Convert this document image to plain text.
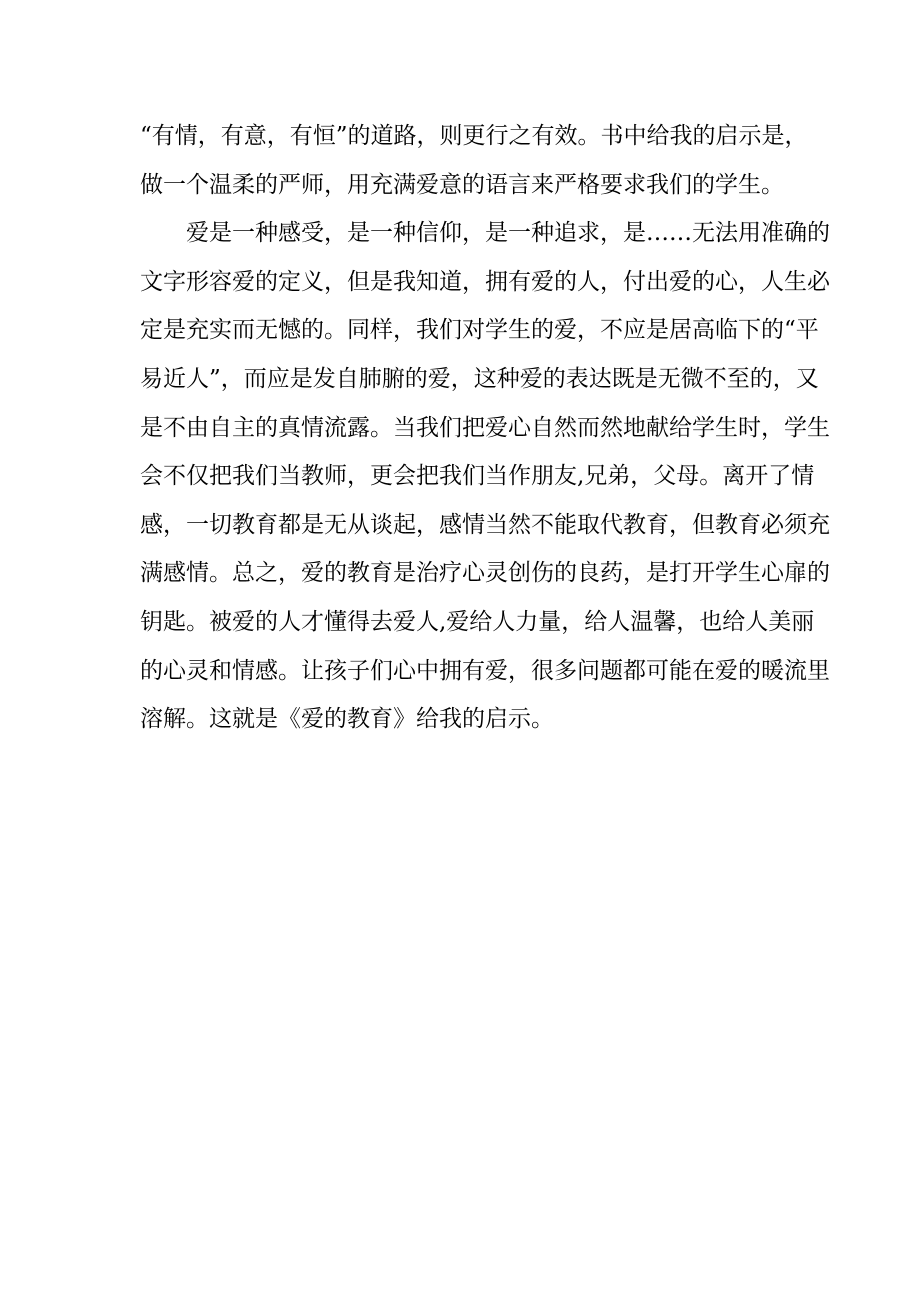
“有情，有意，有恒”的道路，则更行之有效。书中给我的启示是，
做一个温柔的严师，用充满爱意的语言来严格要求我们的学生。
爱是一种感受，是一种信仰，是一种追求，是……无法用准确的
文字形容爱的定义，但是我知道，拥有爱的人，付出爱的心，人生必
定是充实而无憾的。同样，我们对学生的爱，不应是居高临下的“平
易近人”，而应是发自肺腑的爱，这种爱的表达既是无微不至的，又
是不由自主的真情流露。当我们把爱心自然而然地献给学生时，学生
会不仅把我们当教师，更会把我们当作朋友,兄弟，父母。离开了情
感，一切教育都是无从谈起，感情当然不能取代教育，但教育必须充
满感情。总之，爱的教育是治疗心灵创伤的良药，是打开学生心扉的
钥匙。被爱的人才懂得去爱人,爱给人力量，给人温馨，也给人美丽
的心灵和情感。让孩子们心中拥有爱，很多问题都可能在爱的暖流里
溶解。这就是《爱的教育》给我的启示。
